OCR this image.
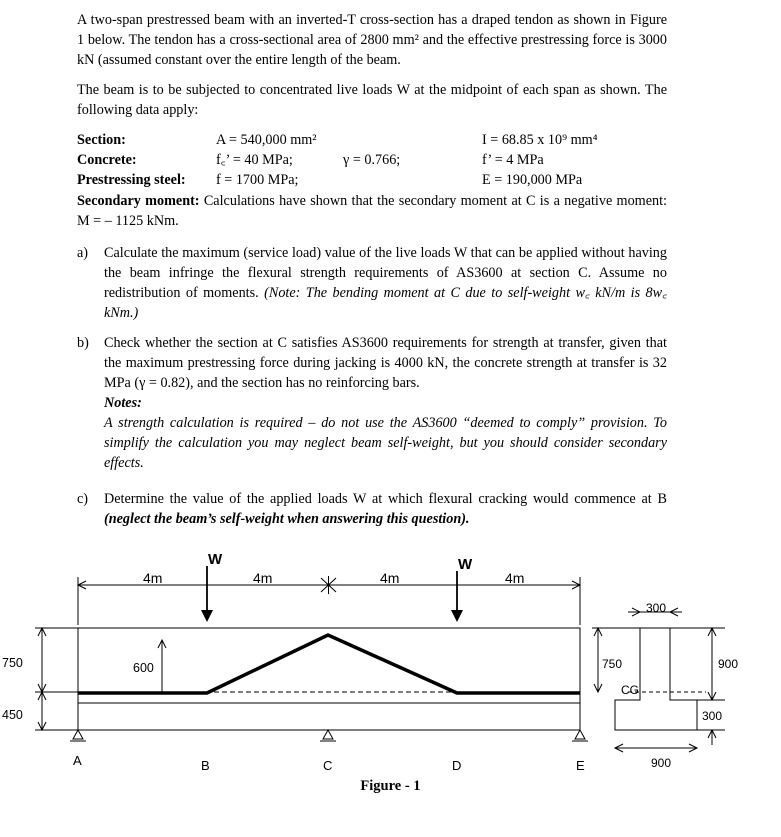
A two-span prestressed beam with an inverted-T cross-section has a draped tendon as shown in Figure 1 below. The tendon has a cross-sectional area of 2800 mm² and the effective prestressing force is 3000 kN (assumed constant over the entire length of the beam.

The beam is to be subjected to concentrated live loads W at the midpoint of each span as shown. The following data apply:

Section:	A = 540,000 mm²	I = 68.85 x 10⁹ mm⁴
Concrete:	f꜀’ = 40 MPa;	γ = 0.766;	f’ = 4 MPa
Prestressing steel: f = 1700 MPa;	E = 190,000 MPa

Secondary moment: Calculations have shown that the secondary moment at C is a negative moment: M = – 1125 kNm.

a) Calculate the maximum (service load) value of the live loads W that can be applied without having the beam infringe the flexural strength requirements of AS3600 at section C. Assume no redistribution of moments. (Note: The bending moment at C due to self-weight w꜀ kN/m is 8w꜀ kNm.)
b) Check whether the section at C satisfies AS3600 requirements for strength at transfer, given that the maximum prestressing force during jacking is 4000 kN, the concrete strength at transfer is 32 MPa (γ = 0.82), and the section has no reinforcing bars.
Notes:
A strength calculation is required – do not use the AS3600 “deemed to comply” provision. To simplify the calculation you may neglect beam self-weight, but you should consider secondary effects.
c) Determine the value of the applied loads W at which flexural cracking would commence at B (neglect the beam’s self-weight when answering this question).
4m	4m	4m	4m
W	W
600
750
450
A	B	C	D	E
CG
300
750	900
300
900
Figure - 1
